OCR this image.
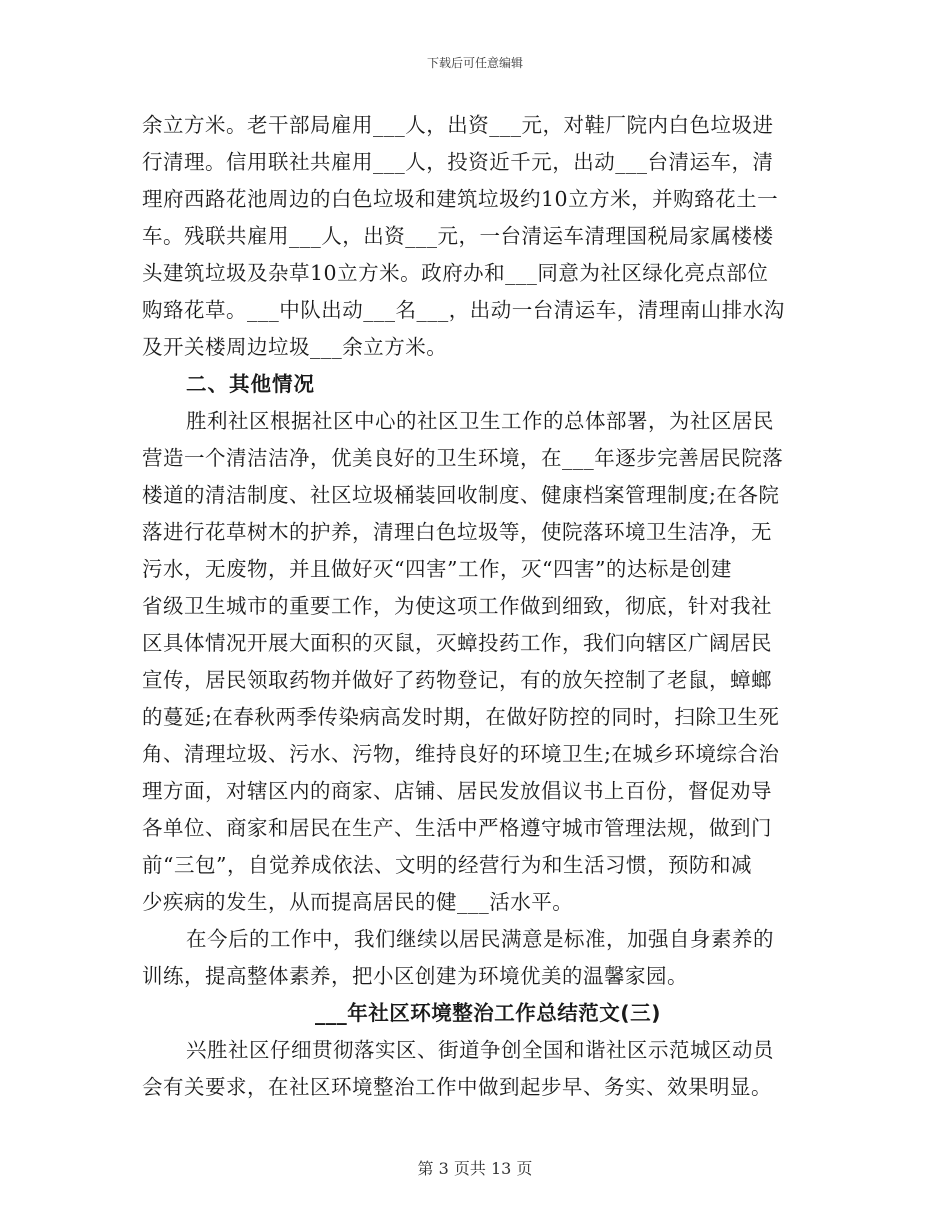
下载后可任意编辑
余立方米。老干部局雇用___人，出资___元，对鞋厂院内白色垃圾进
行清理。信用联社共雇用___人，投资近千元，出动___台清运车，清
理府西路花池周边的白色垃圾和建筑垃圾约10立方米，并购臵花土一
车。残联共雇用___人，出资___元，一台清运车清理国税局家属楼楼
头建筑垃圾及杂草10立方米。政府办和___同意为社区绿化亮点部位
购臵花草。___中队出动___名___，出动一台清运车，清理南山排水沟
及开关楼周边垃圾___余立方米。
二、其他情况
胜利社区根据社区中心的社区卫生工作的总体部署，为社区居民
营造一个清洁洁净，优美良好的卫生环境，在___年逐步完善居民院落
楼道的清洁制度、社区垃圾桶装回收制度、健康档案管理制度;在各院
落进行花草树木的护养，清理白色垃圾等，使院落环境卫生洁净，无
污水，无废物，并且做好灭“四害”工作，灭“四害”的达标是创建
省级卫生城市的重要工作，为使这项工作做到细致，彻底，针对我社
区具体情况开展大面积的灭鼠，灭蟑投药工作，我们向辖区广阔居民
宣传，居民领取药物并做好了药物登记，有的放矢控制了老鼠，蟑螂
的蔓延;在春秋两季传染病高发时期，在做好防控的同时，扫除卫生死
角、清理垃圾、污水、污物，维持良好的环境卫生;在城乡环境综合治
理方面，对辖区内的商家、店铺、居民发放倡议书上百份，督促劝导
各单位、商家和居民在生产、生活中严格遵守城市管理法规，做到门
前“三包”，自觉养成依法、文明的经营行为和生活习惯，预防和减
少疾病的发生，从而提高居民的健___活水平。
在今后的工作中，我们继续以居民满意是标准，加强自身素养的
训练，提高整体素养，把小区创建为环境优美的温馨家园。
___年社区环境整治工作总结范文(三)
兴胜社区仔细贯彻落实区、街道争创全国和谐社区示范城区动员
会有关要求，在社区环境整治工作中做到起步早、务实、效果明显。
第 3 页共 13 页
